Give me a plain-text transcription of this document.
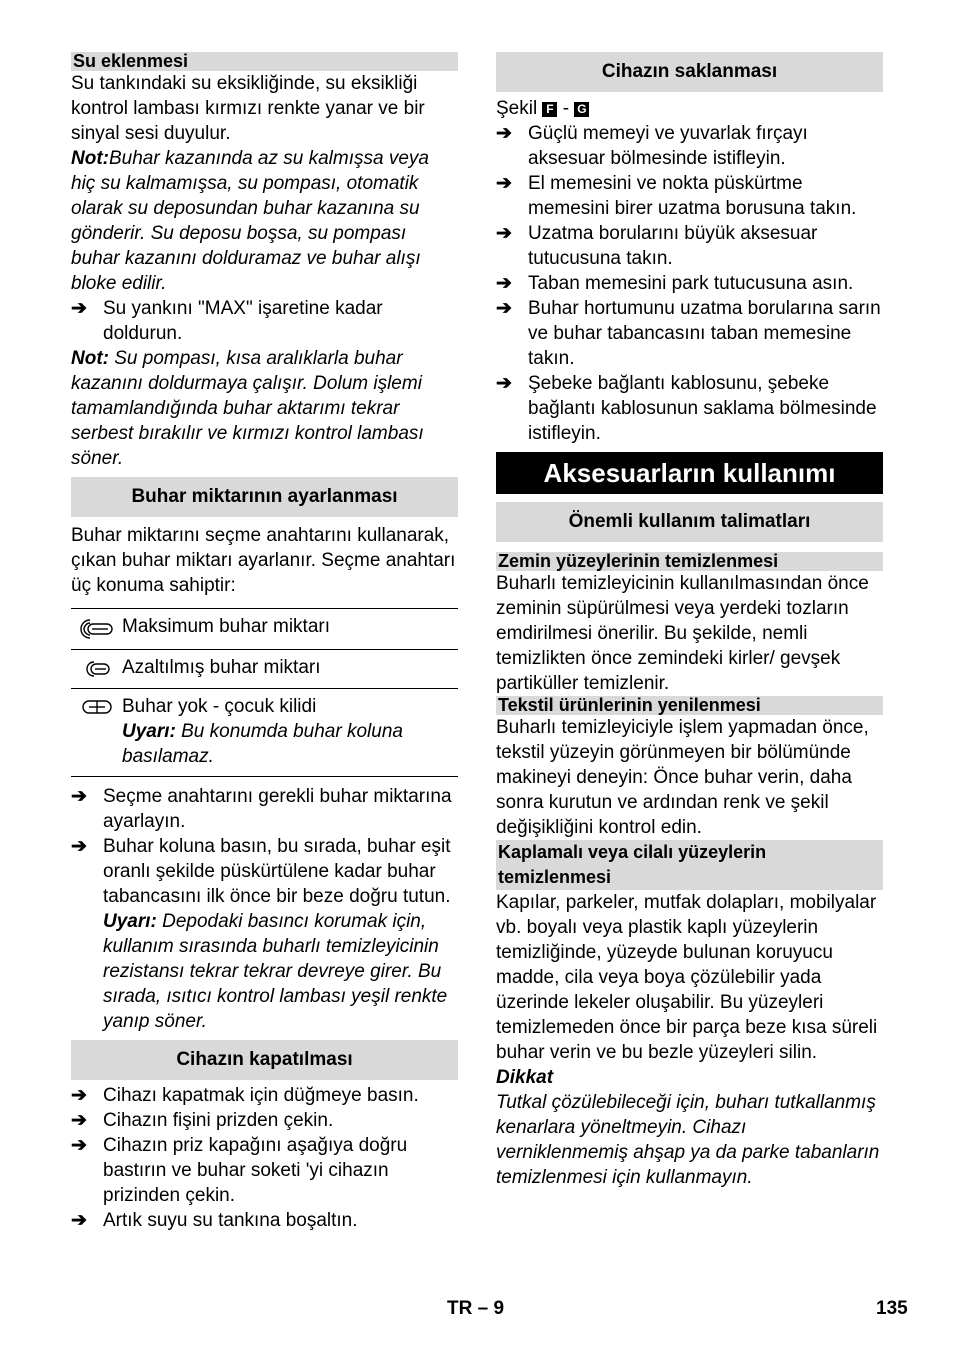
Su eklenmesi

Su tankındaki su eksikliğinde, su eksikliği kontrol lambası kırmızı renkte yanar ve bir sinyal sesi duyulur.

Not:Buhar kazanında az su kalmışsa veya hiç su kalmamışsa, su pompası, otomatik olarak su deposundan buhar kazanına su gönderir. Su deposu boşsa, su pompası buhar kazanını dolduramaz ve buhar alışı bloke edilir.

➔ Su yankını "MAX" işaretine kadar doldurun.

Not: Su pompası, kısa aralıklarla buhar kazanını doldurmaya çalışır. Dolum işlemi tamamlandığında buhar aktarımı tekrar serbest bırakılır ve kırmızı kontrol lambası söner.

Buhar miktarının ayarlanması

Buhar miktarını seçme anahtarını kullanarak, çıkan buhar miktarı ayarlanır. Seçme anahtarı üç konuma sahiptir:

Maksimum buhar miktarı
Azaltılmış buhar miktarı
Buhar yok - çocuk kilidi
Uyarı: Bu konumda buhar koluna basılamaz.
➔ Seçme anahtarını gerekli buhar miktarına ayarlayın.
➔ Buhar koluna basın, bu sırada, buhar eşit oranlı şekilde püskürtülene kadar buhar tabancasını ilk önce bir beze doğru tutun.
Uyarı: Depodaki basıncı korumak için, kullanım sırasında buharlı temizleyicinin rezistansı tekrar tekrar devreye girer. Bu sırada, ısıtıcı kontrol lambası yeşil renkte yanıp söner.

Cihazın kapatılması

➔ Cihazı kapatmak için düğmeye basın.
➔ Cihazın fişini prizden çekin.
➔ Cihazın priz kapağını aşağıya doğru bastırın ve buhar soketi 'yi cihazın prizinden çekin.
➔ Artık suyu su tankına boşaltın.

Cihazın saklanması

Şekil F - G

➔ Güçlü memeyi ve yuvarlak fırçayı aksesuar bölmesinde istifleyin.
➔ El memesini ve nokta püskürtme memesini birer uzatma borusuna takın.
➔ Uzatma borularını büyük aksesuar tutucusuna takın.
➔ Taban memesini park tutucusuna asın.
➔ Buhar hortumunu uzatma borularına sarın ve buhar tabancasını taban memesine takın.
➔ Şebeke bağlantı kablosunu, şebeke bağlantı kablosunun saklama bölmesinde istifleyin.

Aksesuarların kullanımı

Önemli kullanım talimatları

Zemin yüzeylerinin temizlenmesi

Buharlı temizleyicinin kullanılmasından önce zeminin süpürülmesi veya yerdeki tozların emdirilmesi önerilir. Bu şekilde, nemli temizlikten önce zemindeki kirler/ gevşek partiküller temizlenir.

Tekstil ürünlerinin yenilenmesi

Buharlı temizleyiciyle işlem yapmadan önce, tekstil yüzeyin görünmeyen bir bölümünde makineyi deneyin: Önce buhar verin, daha sonra kurutun ve ardından renk ve şekil değişikliğini kontrol edin.

Kaplamalı veya cilalı yüzeylerin temizlenmesi

Kapılar, parkeler, mutfak dolapları, mobilyalar vb. boyalı veya plastik kaplı yüzeylerin temizliğinde, yüzeyde bulunan koruyucu madde, cila veya boya çözülebilir yada üzerinde lekeler oluşabilir. Bu yüzeyleri temizlemeden önce bir parça beze kısa süreli buhar verin ve bu bezle yüzeyleri silin.

Dikkat

Tutkal çözülebileceği için, buharı tutkallanmış kenarlara yöneltmeyin. Cihazı verniklenmemiş ahşap ya da parke tabanların temizlenmesi için kullanmayın.

TR – 9	135
